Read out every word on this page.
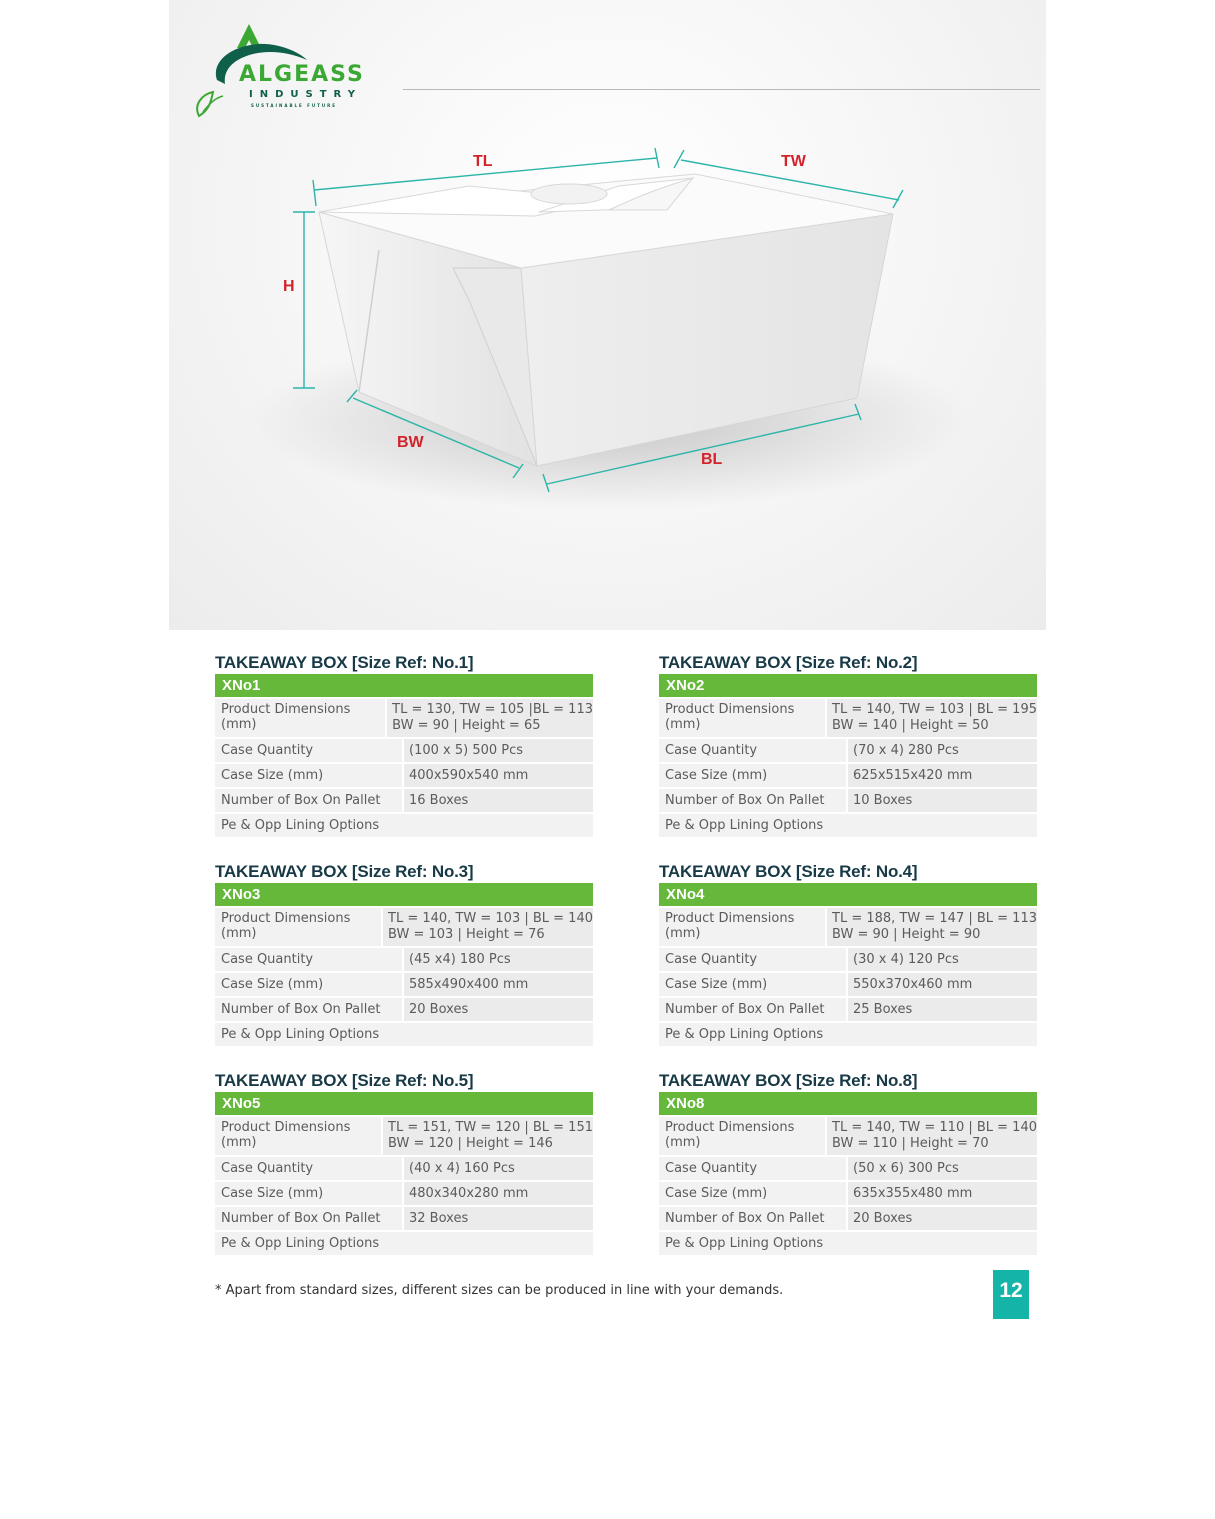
ALGEASS
INDUSTRY
SUSTAINABLE FUTURE
TL	TW
H
BW
BL
TAKEAWAY BOX [Size Ref: No.1]
XNo1
Product Dimensions (mm)
TL = 130, TW = 105 |BL = 113
BW = 90 | Height = 65
Case Quantity	(100 x 5) 500 Pcs
Case Size (mm)	400x590x540 mm
Number of Box On Pallet	16 Boxes
Pe & Opp Lining Options
TAKEAWAY BOX [Size Ref: No.2]
XNo2
Product Dimensions (mm)
TL = 140, TW = 103 | BL = 195
BW = 140 | Height = 50
Case Quantity	(70 x 4) 280 Pcs
Case Size (mm)	625x515x420 mm
Number of Box On Pallet	10 Boxes
Pe & Opp Lining Options
TAKEAWAY BOX [Size Ref: No.3]
XNo3
Product Dimensions (mm)
TL = 140, TW = 103 | BL = 140
BW = 103 | Height = 76
Case Quantity	(45 x4) 180 Pcs
Case Size (mm)	585x490x400 mm
Number of Box On Pallet	20 Boxes
Pe & Opp Lining Options
TAKEAWAY BOX [Size Ref: No.4]
XNo4
Product Dimensions (mm)
TL = 188, TW = 147 | BL = 113
BW = 90 | Height = 90
Case Quantity	(30 x 4) 120 Pcs
Case Size (mm)	550x370x460 mm
Number of Box On Pallet	25 Boxes
Pe & Opp Lining Options
TAKEAWAY BOX [Size Ref: No.5]
XNo5
Product Dimensions (mm)
TL = 151, TW = 120 | BL = 151
BW = 120 | Height = 146
Case Quantity	(40 x 4) 160 Pcs
Case Size (mm)	480x340x280 mm
Number of Box On Pallet	32 Boxes
Pe & Opp Lining Options
TAKEAWAY BOX [Size Ref: No.8]
XNo8
Product Dimensions (mm)
TL = 140, TW = 110 | BL = 140
BW = 110 | Height = 70
Case Quantity	(50 x 6) 300 Pcs
Case Size (mm)	635x355x480 mm
Number of Box On Pallet	20 Boxes
Pe & Opp Lining Options
* Apart from standard sizes, different sizes can be produced in line with your demands.	12
